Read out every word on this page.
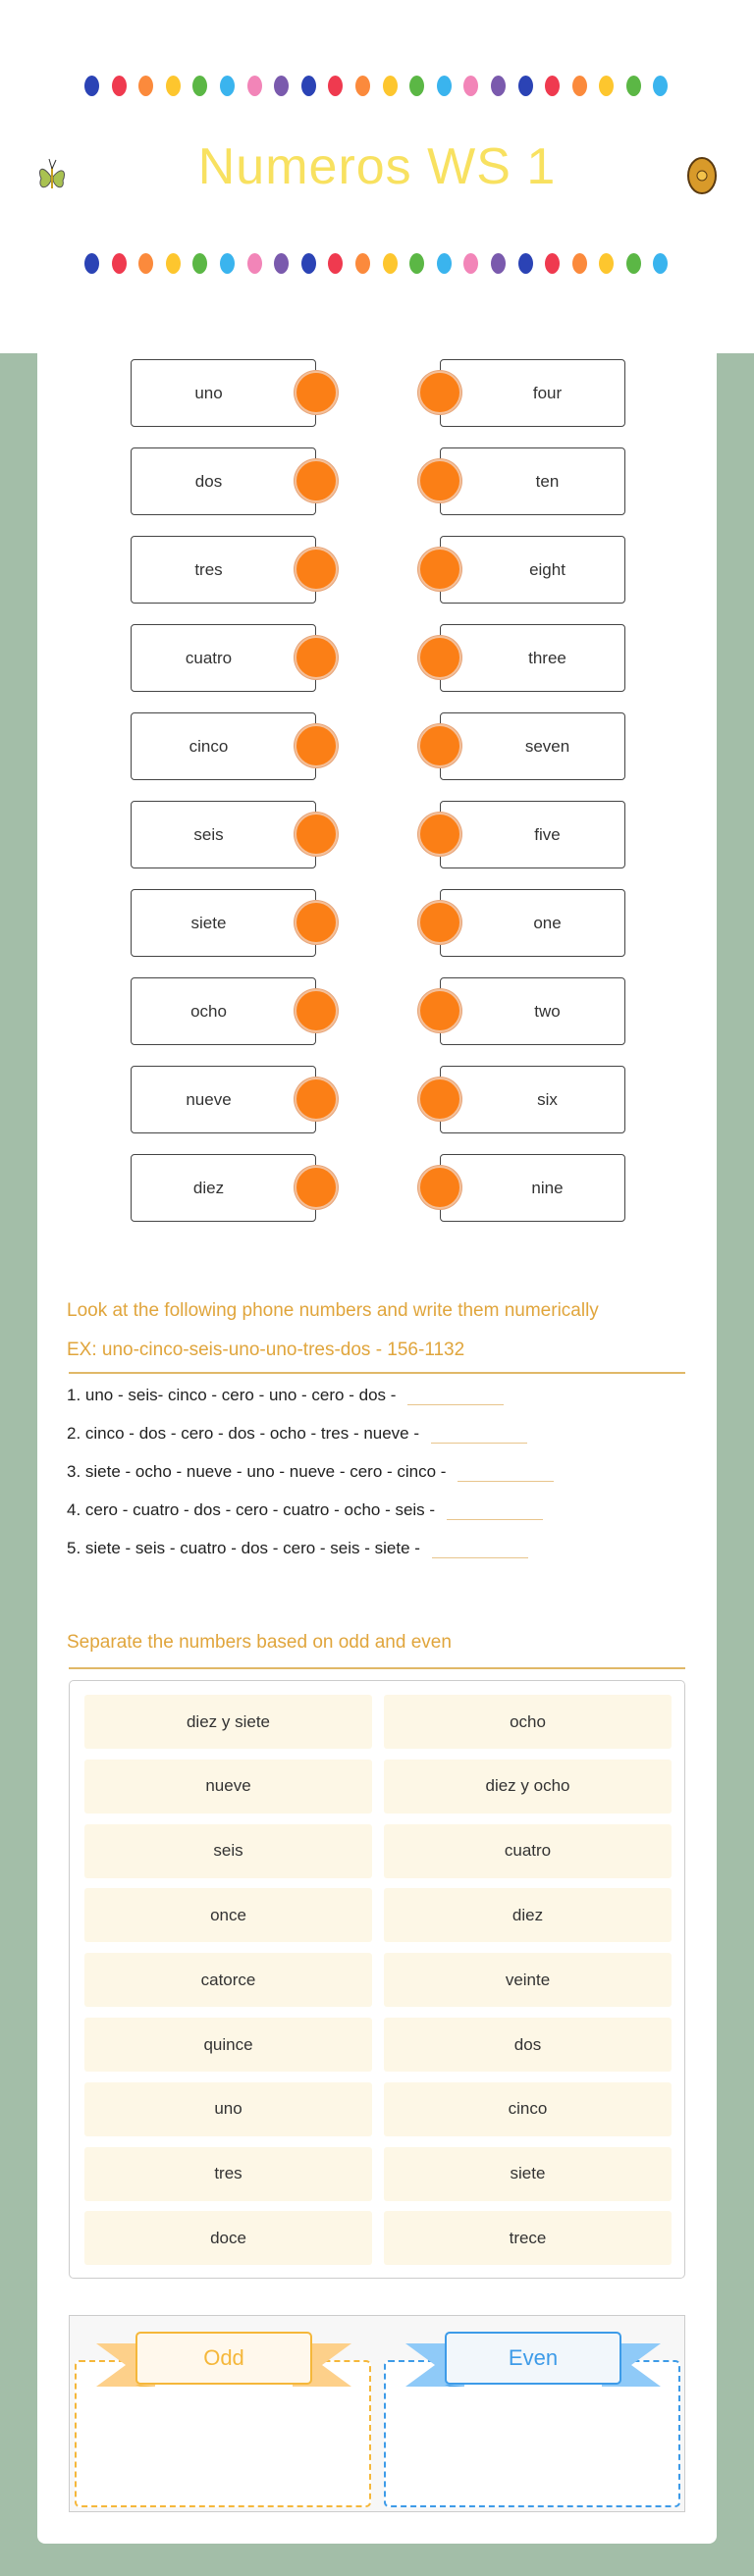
Numeros WS 1
uno	four
dos	ten
tres	eight
cuatro	three
cinco	seven
seis	five
siete	one
ocho	two
nueve	six
diez	nine
Look at the following phone numbers and write them numerically
EX: uno-cinco-seis-uno-uno-tres-dos - 156-1132
1. uno - seis- cinco - cero - uno - cero - dos -
2. cinco - dos - cero - dos - ocho - tres - nueve -
3. siete - ocho - nueve - uno - nueve - cero - cinco -
4. cero - cuatro - dos - cero - cuatro - ocho - seis -
5. siete - seis - cuatro - dos - cero - seis - siete -
Separate the numbers based on odd and even
diez y siete	ocho
nueve	diez y ocho
seis	cuatro
once	diez
catorce	veinte
quince	dos
uno	cinco
tres	siete
doce	trece
Odd	Even
